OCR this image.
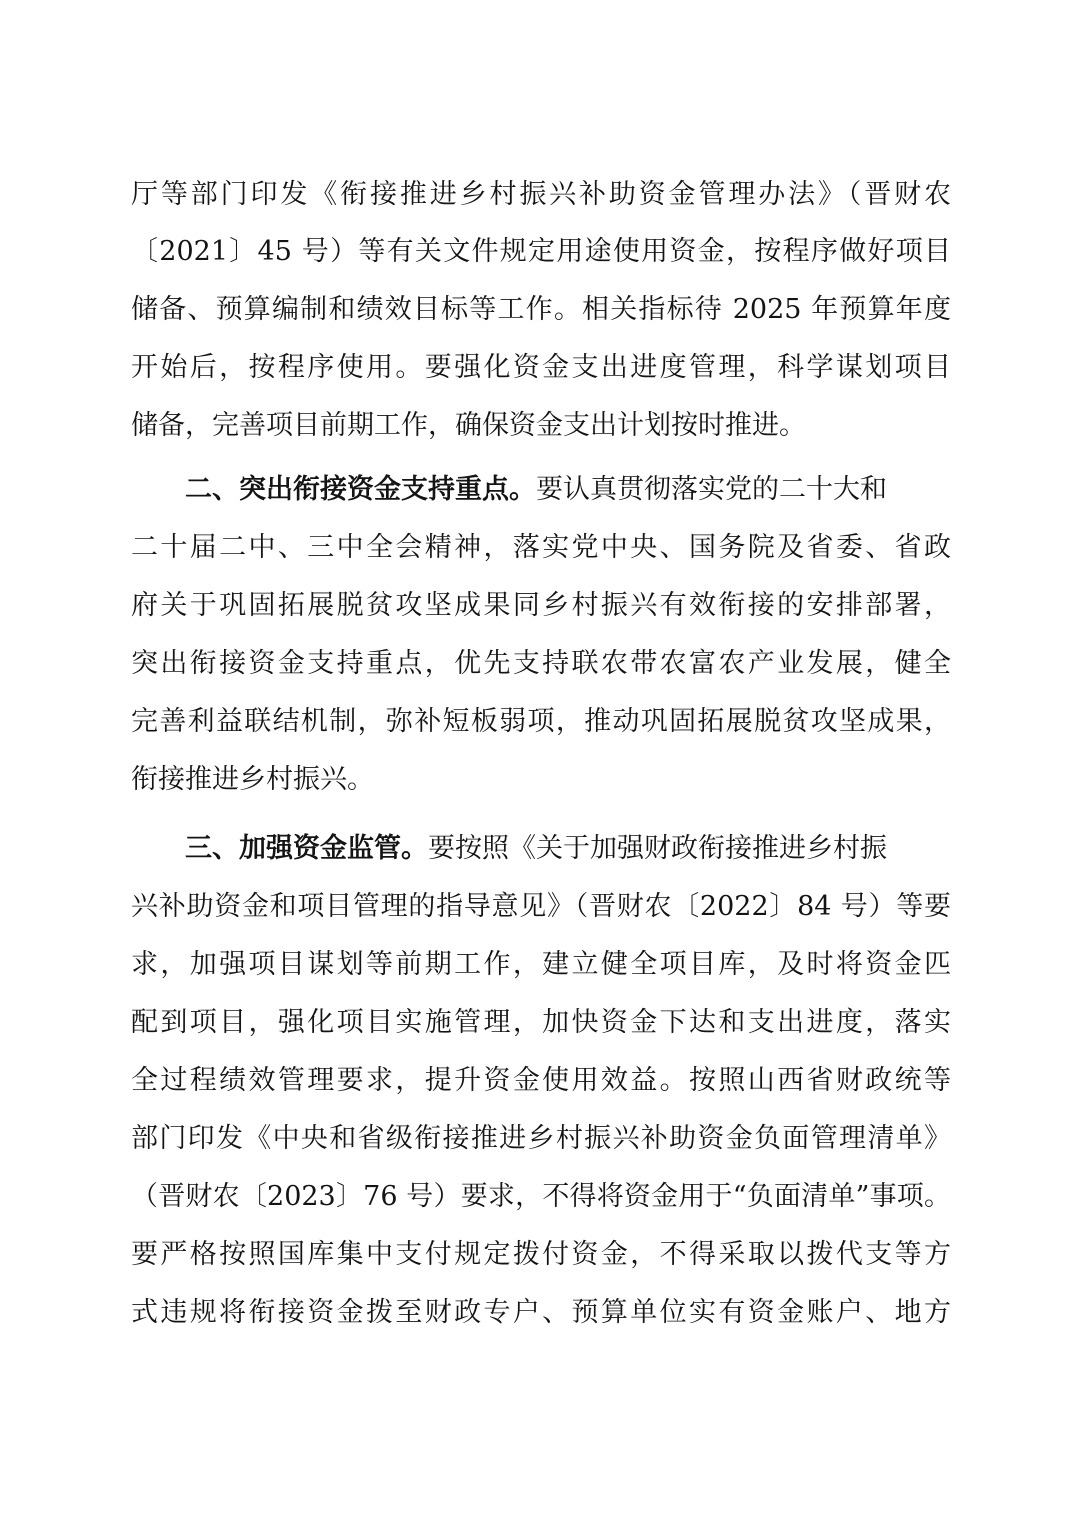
厅等部门印发《衔接推进乡村振兴补助资金管理办法》（晋财农
〔2021〕45 号）等有关文件规定用途使用资金，按程序做好项目
储备、预算编制和绩效目标等工作。相关指标待 2025 年预算年度
开始后，按程序使用。要强化资金支出进度管理，科学谋划项目
储备，完善项目前期工作，确保资金支出计划按时推进。
二、突出衔接资金支持重点。要认真贯彻落实党的二十大和
二十届二中、三中全会精神，落实党中央、国务院及省委、省政
府关于巩固拓展脱贫攻坚成果同乡村振兴有效衔接的安排部署，
突出衔接资金支持重点，优先支持联农带农富农产业发展，健全
完善利益联结机制，弥补短板弱项，推动巩固拓展脱贫攻坚成果，
衔接推进乡村振兴。
三、加强资金监管。要按照《关于加强财政衔接推进乡村振
兴补助资金和项目管理的指导意见》（晋财农〔2022〕84 号）等要
求，加强项目谋划等前期工作，建立健全项目库，及时将资金匹
配到项目，强化项目实施管理，加快资金下达和支出进度，落实
全过程绩效管理要求，提升资金使用效益。按照山西省财政统等
部门印发《中央和省级衔接推进乡村振兴补助资金负面管理清单》
（晋财农〔2023〕76 号）要求，不得将资金用于“负面清单”事项。
要严格按照国库集中支付规定拨付资金，不得采取以拨代支等方
式违规将衔接资金拨至财政专户、预算单位实有资金账户、地方
